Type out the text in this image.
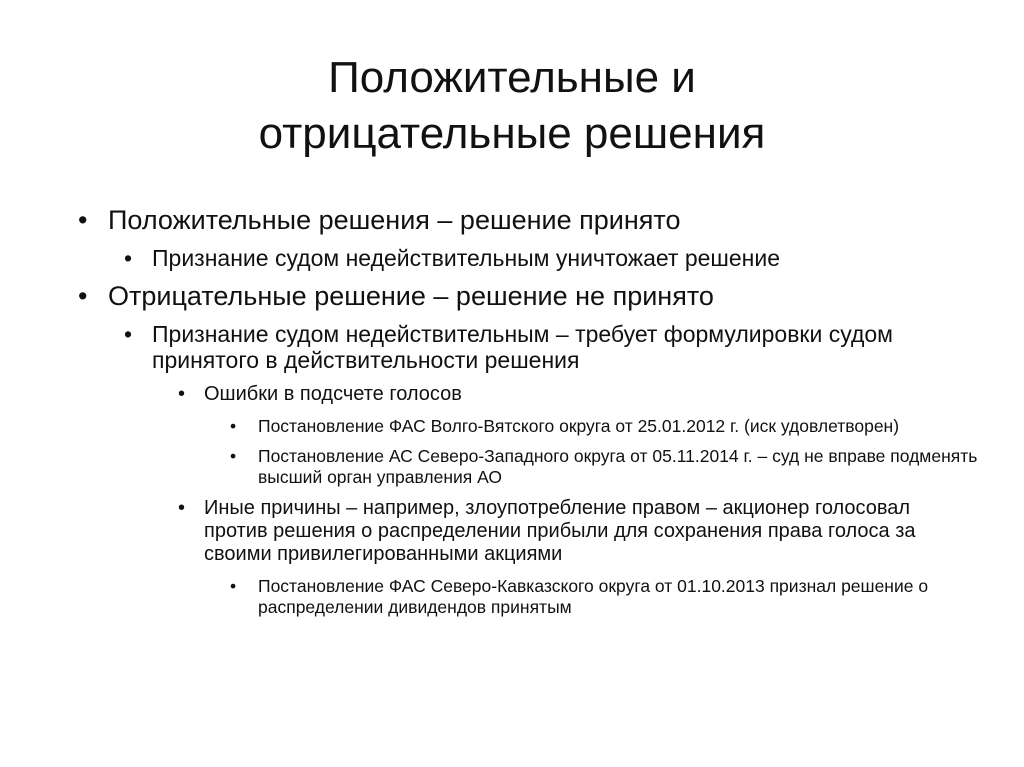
Положительные и
отрицательные решения
• Положительные решения – решение принято
• Признание судом недействительным уничтожает решение
• Отрицательные решение – решение не принято
• Признание судом недействительным – требует формулировки судом принятого в действительности решения
• Ошибки в подсчете голосов
• Постановление ФАС Волго-Вятского округа от 25.01.2012 г. (иск удовлетворен)
• Постановление АС Северо-Западного округа от 05.11.2014 г. – суд не вправе подменять высший орган управления АО
• Иные причины – например, злоупотребление правом – акционер голосовал против решения о распределении прибыли для сохранения права голоса за своими привилегированными акциями
• Постановление ФАС Северо-Кавказского округа от 01.10.2013 признал решение о распределении дивидендов принятым
